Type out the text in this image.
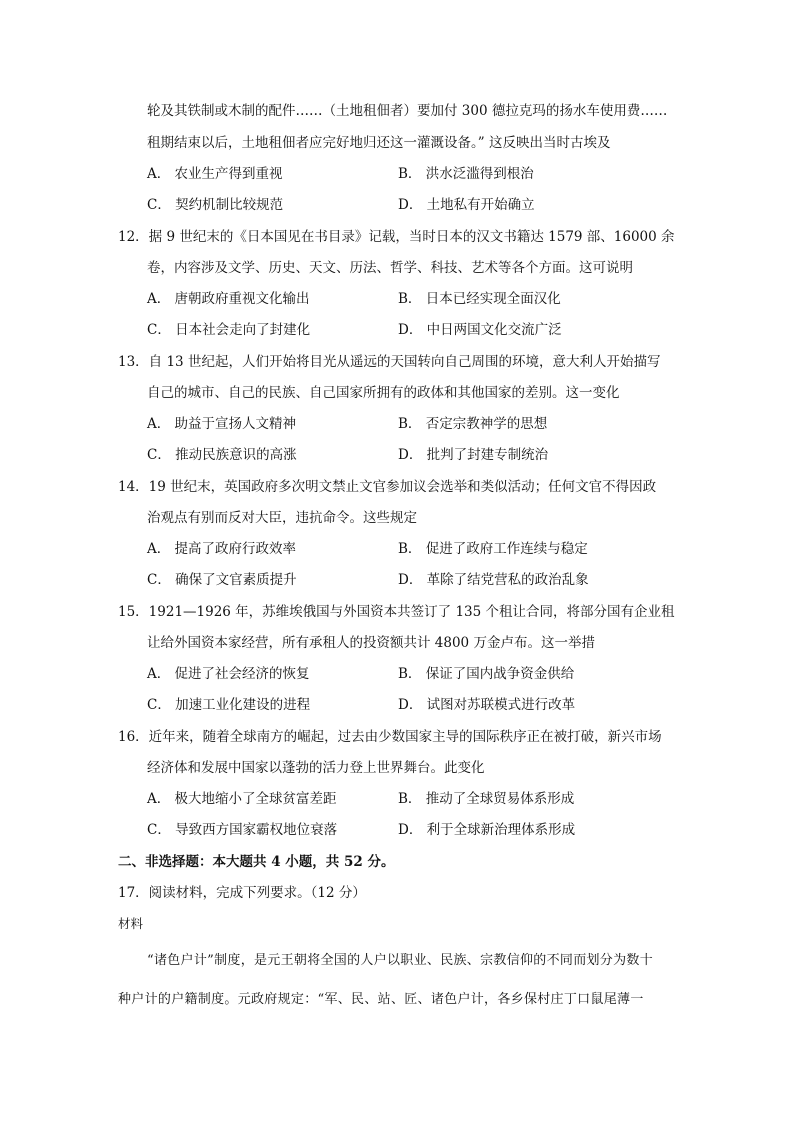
轮及其铁制或木制的配件……（土地租佃者）要加付 300 德拉克玛的扬水车使用费……
租期结束以后，土地租佃者应完好地归还这一灌溉设备。” 这反映出当时古埃及
A． 农业生产得到重视	B． 洪水泛滥得到根治
C． 契约机制比较规范	D． 土地私有开始确立
12．据 9 世纪末的《日本国见在书目录》记载，当时日本的汉文书籍达 1579 部、16000 余
卷，内容涉及文学、历史、天文、历法、哲学、科技、艺术等各个方面。这可说明
A． 唐朝政府重视文化输出	B． 日本已经实现全面汉化
C． 日本社会走向了封建化	D． 中日两国文化交流广泛
13．自 13 世纪起，人们开始将目光从遥远的天国转向自己周围的环境，意大利人开始描写
自己的城市、自己的民族、自己国家所拥有的政体和其他国家的差别。这一变化
A． 助益于宣扬人文精神	B． 否定宗教神学的思想
C． 推动民族意识的高涨	D． 批判了封建专制统治
14．19 世纪末，英国政府多次明文禁止文官参加议会选举和类似活动；任何文官不得因政
治观点有别而反对大臣，违抗命令。这些规定
A． 提高了政府行政效率	B． 促进了政府工作连续与稳定
C． 确保了文官素质提升	D． 革除了结党营私的政治乱象
15．1921—1926 年，苏维埃俄国与外国资本共签订了 135 个租让合同，将部分国有企业租
让给外国资本家经营，所有承租人的投资额共计 4800 万金卢布。这一举措
A． 促进了社会经济的恢复	B． 保证了国内战争资金供给
C． 加速工业化建设的进程	D． 试图对苏联模式进行改革
16．近年来，随着全球南方的崛起，过去由少数国家主导的国际秩序正在被打破，新兴市场
经济体和发展中国家以蓬勃的活力登上世界舞台。此变化
A． 极大地缩小了全球贫富差距	B． 推动了全球贸易体系形成
C． 导致西方国家霸权地位衰落	D． 利于全球新治理体系形成
二、非选择题：本大题共 4 小题，共 52 分。
17．阅读材料，完成下列要求。（12 分）
材料
“诸色户计”制度，是元王朝将全国的人户以职业、民族、宗教信仰的不同而划分为数十
种户计的户籍制度。元政府规定：“军、民、站、匠、诸色户计，各乡保村庄丁口鼠尾薄一
